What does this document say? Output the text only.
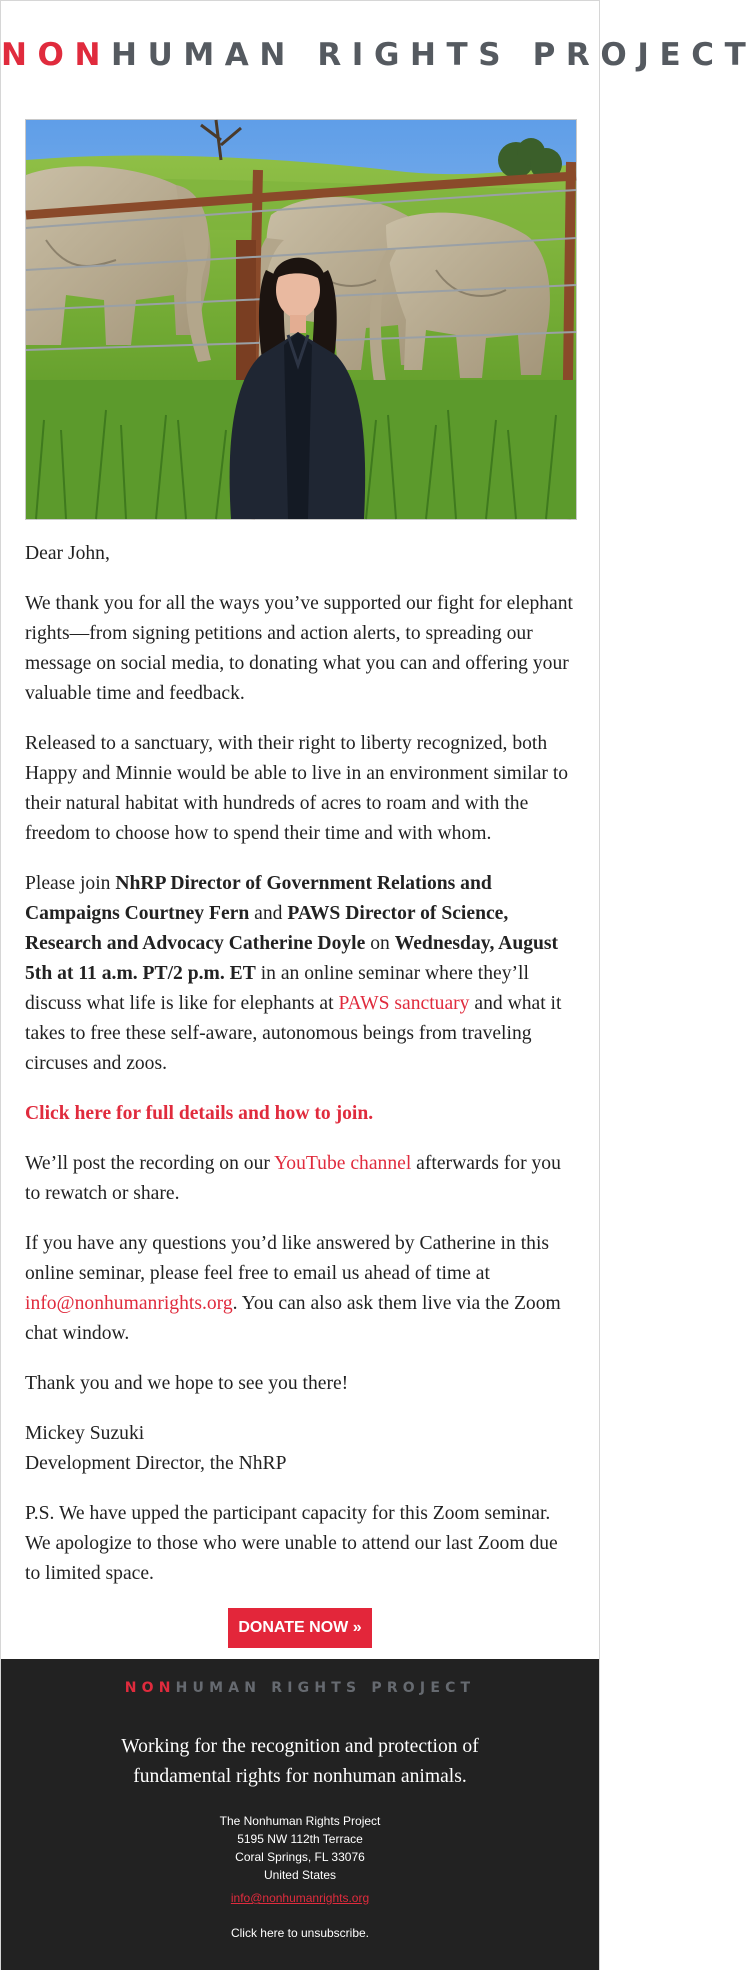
NONHUMAN RIGHTS PROJECT

Dear John,

We thank you for all the ways you’ve supported our fight for elephant rights—from signing petitions and action alerts, to spreading our message on social media, to donating what you can and offering your valuable time and feedback.

Released to a sanctuary, with their right to liberty recognized, both Happy and Minnie would be able to live in an environment similar to their natural habitat with hundreds of acres to roam and with the freedom to choose how to spend their time and with whom.

Please join NhRP Director of Government Relations and Campaigns Courtney Fern and PAWS Director of Science, Research and Advocacy Catherine Doyle on Wednesday, August 5th at 11 a.m. PT/2 p.m. ET in an online seminar where they’ll discuss what life is like for elephants at PAWS sanctuary and what it takes to free these self-aware, autonomous beings from traveling circuses and zoos.

Click here for full details and how to join.

We’ll post the recording on our YouTube channel afterwards for you to rewatch or share.

If you have any questions you’d like answered by Catherine in this online seminar, please feel free to email us ahead of time at info@nonhumanrights.org. You can also ask them live via the Zoom chat window.

Thank you and we hope to see you there!

Mickey Suzuki
Development Director, the NhRP

P.S. We have upped the participant capacity for this Zoom seminar. We apologize to those who were unable to attend our last Zoom due to limited space.

DONATE NOW »
NONHUMAN RIGHTS PROJECT
Working for the recognition and protection of fundamental rights for nonhuman animals.
The Nonhuman Rights Project
5195 NW 112th Terrace
Coral Springs, FL 33076
United States
info@nonhumanrights.org
Click here to unsubscribe.
